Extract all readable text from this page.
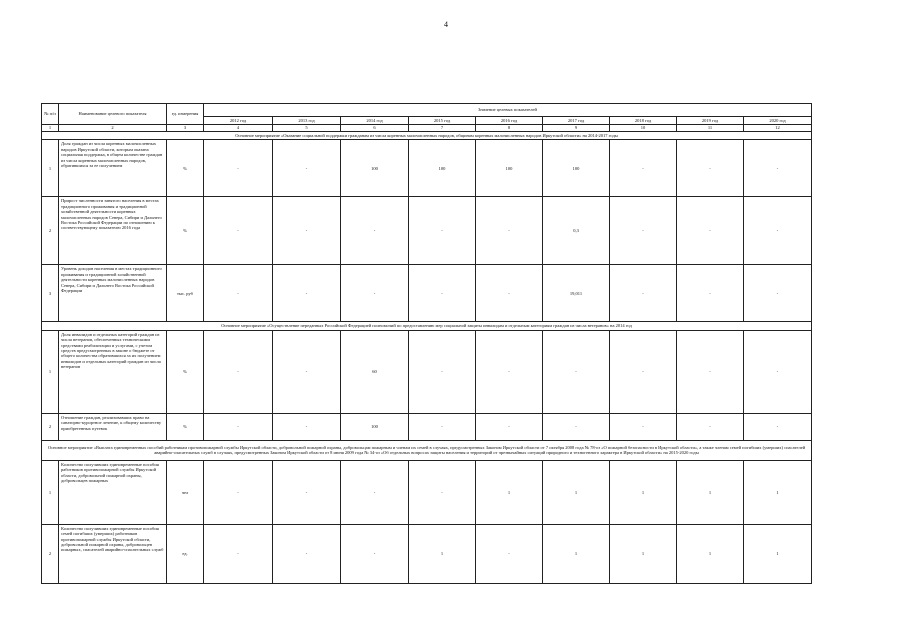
4
№ п/п	Наименование целевого показателя	ед. измерения	Значение целевых показателей								
			2012 год	2013 год	2014 год	2015 год	2016 год	2017 год	2018 год	2019 год	2020 год
1	2	3	4	5	6	7	8	9	10	11	12
Основное мероприятие «Оказание социальной поддержки гражданам из числа коренных малочисленных народов, общинам коренных малочисленных народов Иркутской области» на 2014-2017 годы											
1	Доля граждан из числа коренных малочисленных народов Иркутской области, которым оказана социальная поддержка, в общем количестве граждан из числа коренных малочисленных народов, обратившихся за ее получением	%	-	-	100	100	100	100	-	-	-
2	Прирост численности занятого населения в местах традиционного проживания и традиционной хозяйственной деятельности коренных малочисленных народов Севера, Сибири и Дальнего Востока Российской Федерации по отношению к соответствующему показателю 2016 года	%	-	-	-	-	-	0,3	-	-	-
3	Уровень доходов населения в местах традиционного проживания и традиционной хозяйственной деятельности коренных малочисленных народов Севера, Сибири и Дальнего Востока Российской Федерации	тыс. руб	-	-	-	-	-	19,011	-	-	-
Основное мероприятие «Осуществление переданных Российской Федерацией полномочий по предоставлению мер социальной защиты инвалидам и отдельным категориям граждан из числа ветеранов» на 2014 год											
1	Доля инвалидов и отдельных категорий граждан из числа ветеранов, обеспеченных техническими средствами реабилитации и услугами, с учетом средств предусмотренных в законе о бюджете от общего количества обратившихся за их получением инвалидов и отдельных категорий граждан из числа ветеранов	%	-	-	60	-	-	-	-	-	-
2	Отношение граждан, реализовавших право на санаторно-курортное лечение, к общему количеству приобретенных путевок	%	-	-	100	-	-	-	-	-	-
Основное мероприятие «Выплата единовременных пособий работникам противопожарной службы Иркутской области, добровольной пожарной охраны, добровольцам пожарным и членам их семей в случаях, предусмотренных Законом Иркутской области от 7 октября 2008 года № 78-оз «О пожарной безопасности в Иркутской области», а также членам семей погибших (умерших) спасателей аварийно-спасательных служб в случаях, предусмотренных Законом Иркутской области от 8 июня 2009 года № 34-оз «Об отдельных вопросах защиты населения и территорий от чрезвычайных ситуаций природного и техногенного характера в Иркутской области» на 2015-2020 годы											
1	Количество получивших единовременные пособия работников противопожарной службы Иркутской области, добровольной пожарной охраны, добровольцев пожарных	чел	-	-	-	-	1	1	1	1	1
2	Количество получивших единовременные пособия семей погибших (умерших) работников противопожарной службы Иркутской области, добровольной пожарной охраны, добровольцев пожарных, спасателей аварийно-спасательных служб	ед.	-	-	-	1	-	1	1	1	1
